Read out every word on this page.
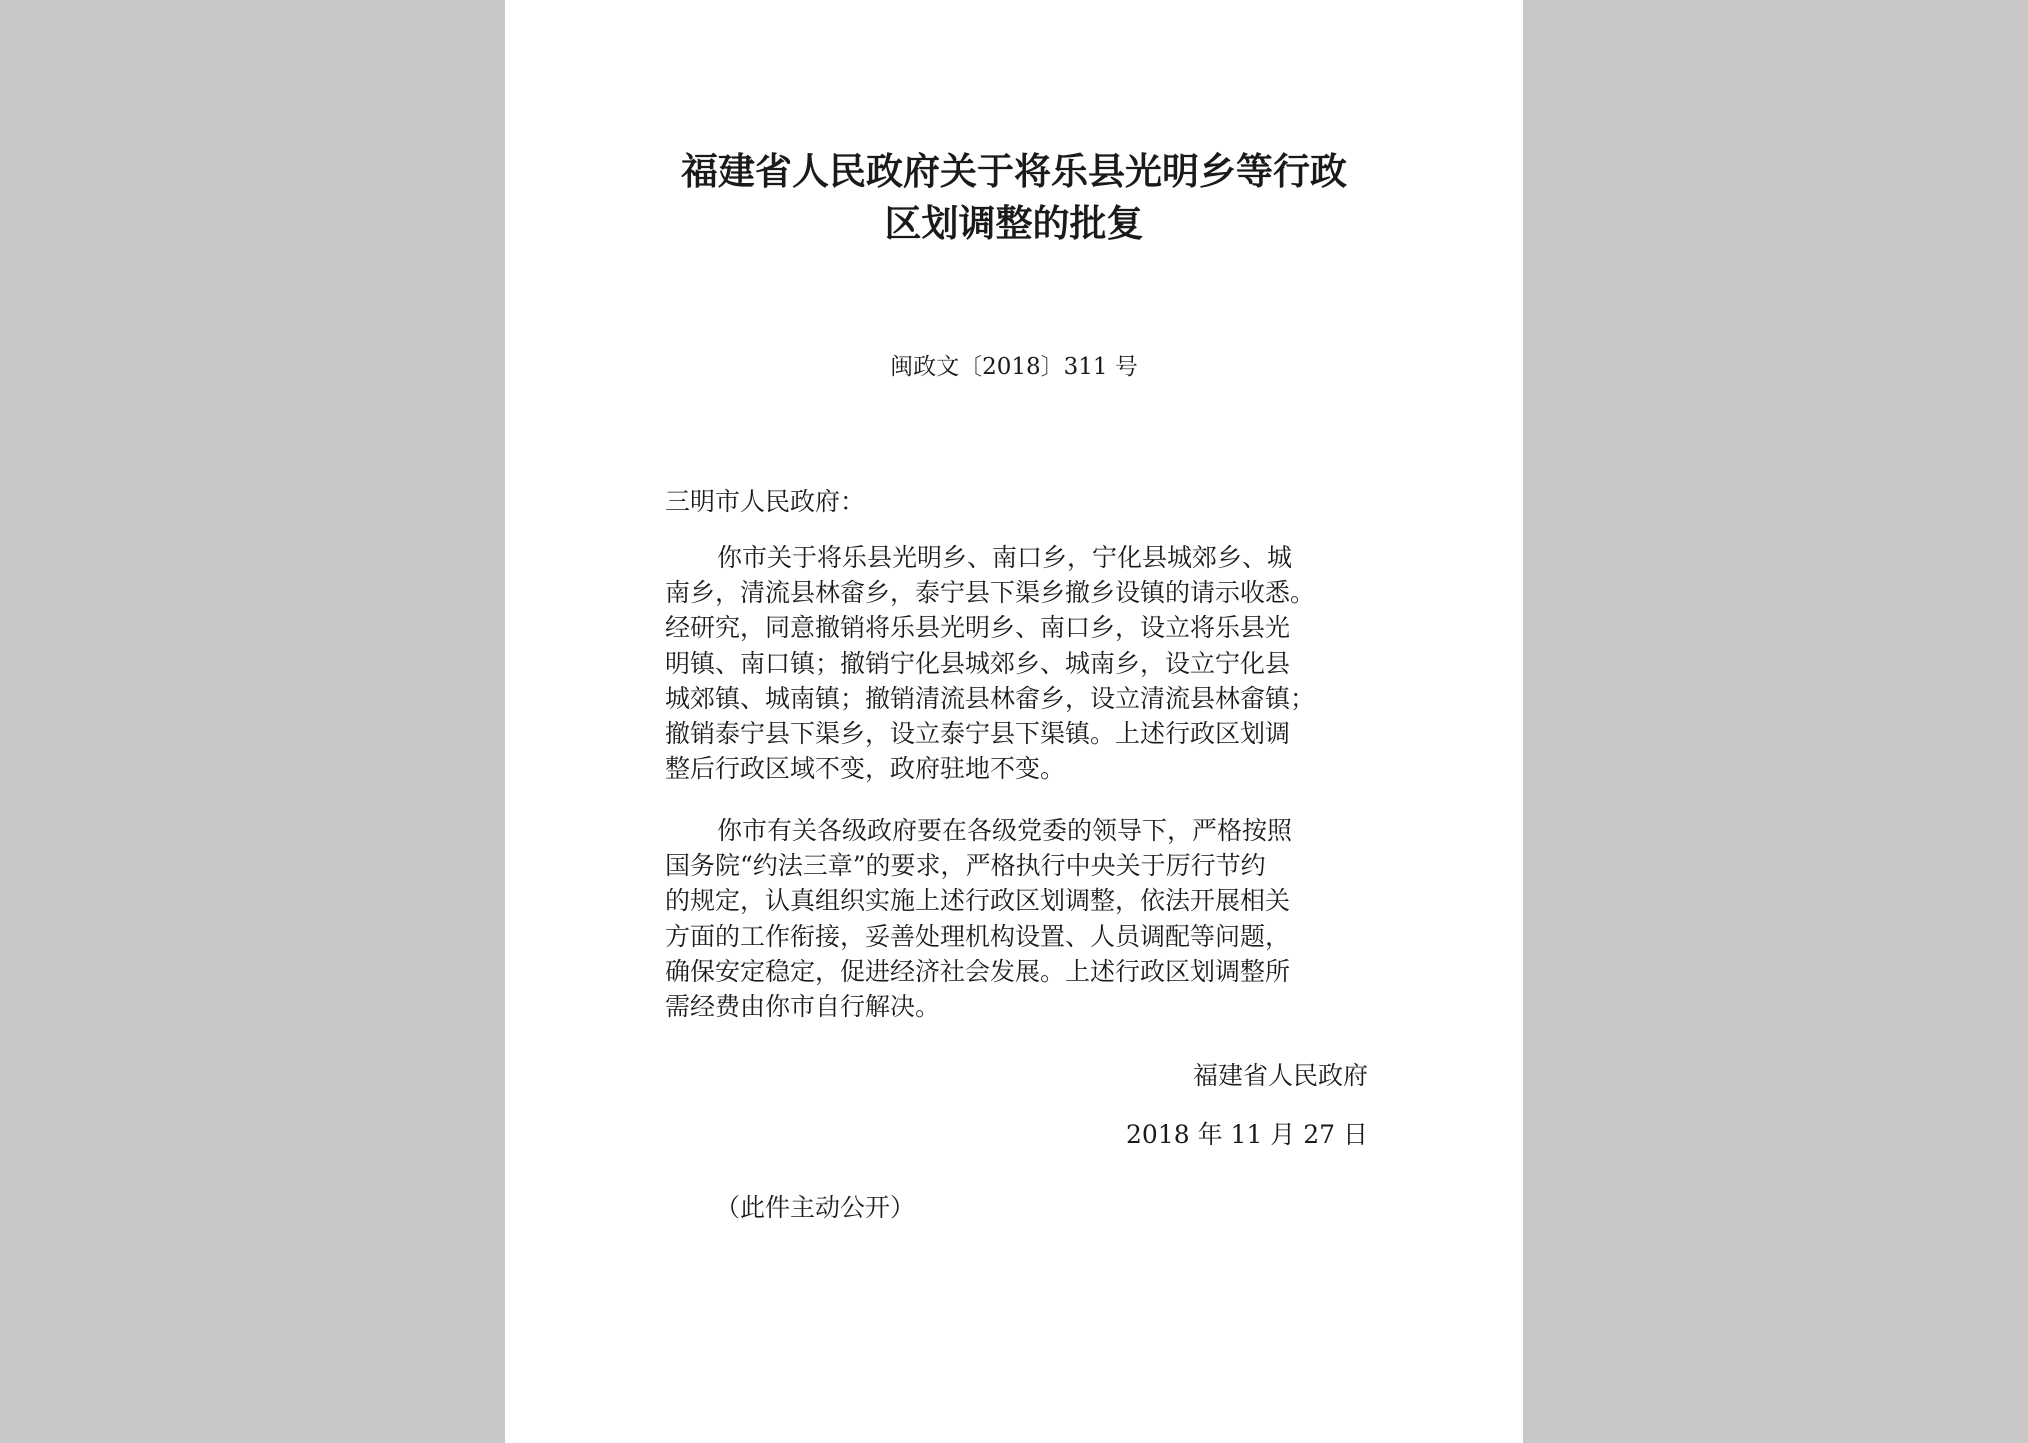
福建省人民政府关于将乐县光明乡等行政
区划调整的批复
闽政文〔2018〕311 号
三明市人民政府：
你市关于将乐县光明乡、南口乡，宁化县城郊乡、城
南乡，清流县林畲乡，泰宁县下渠乡撤乡设镇的请示收悉。
经研究，同意撤销将乐县光明乡、南口乡，设立将乐县光
明镇、南口镇；撤销宁化县城郊乡、城南乡，设立宁化县
城郊镇、城南镇；撤销清流县林畲乡，设立清流县林畲镇；
撤销泰宁县下渠乡，设立泰宁县下渠镇。上述行政区划调
整后行政区域不变，政府驻地不变。
你市有关各级政府要在各级党委的领导下，严格按照
国务院“约法三章”的要求，严格执行中央关于厉行节约
的规定，认真组织实施上述行政区划调整，依法开展相关
方面的工作衔接，妥善处理机构设置、人员调配等问题，
确保安定稳定，促进经济社会发展。上述行政区划调整所
需经费由你市自行解决。
福建省人民政府
2018 年 11 月 27 日
（此件主动公开）
